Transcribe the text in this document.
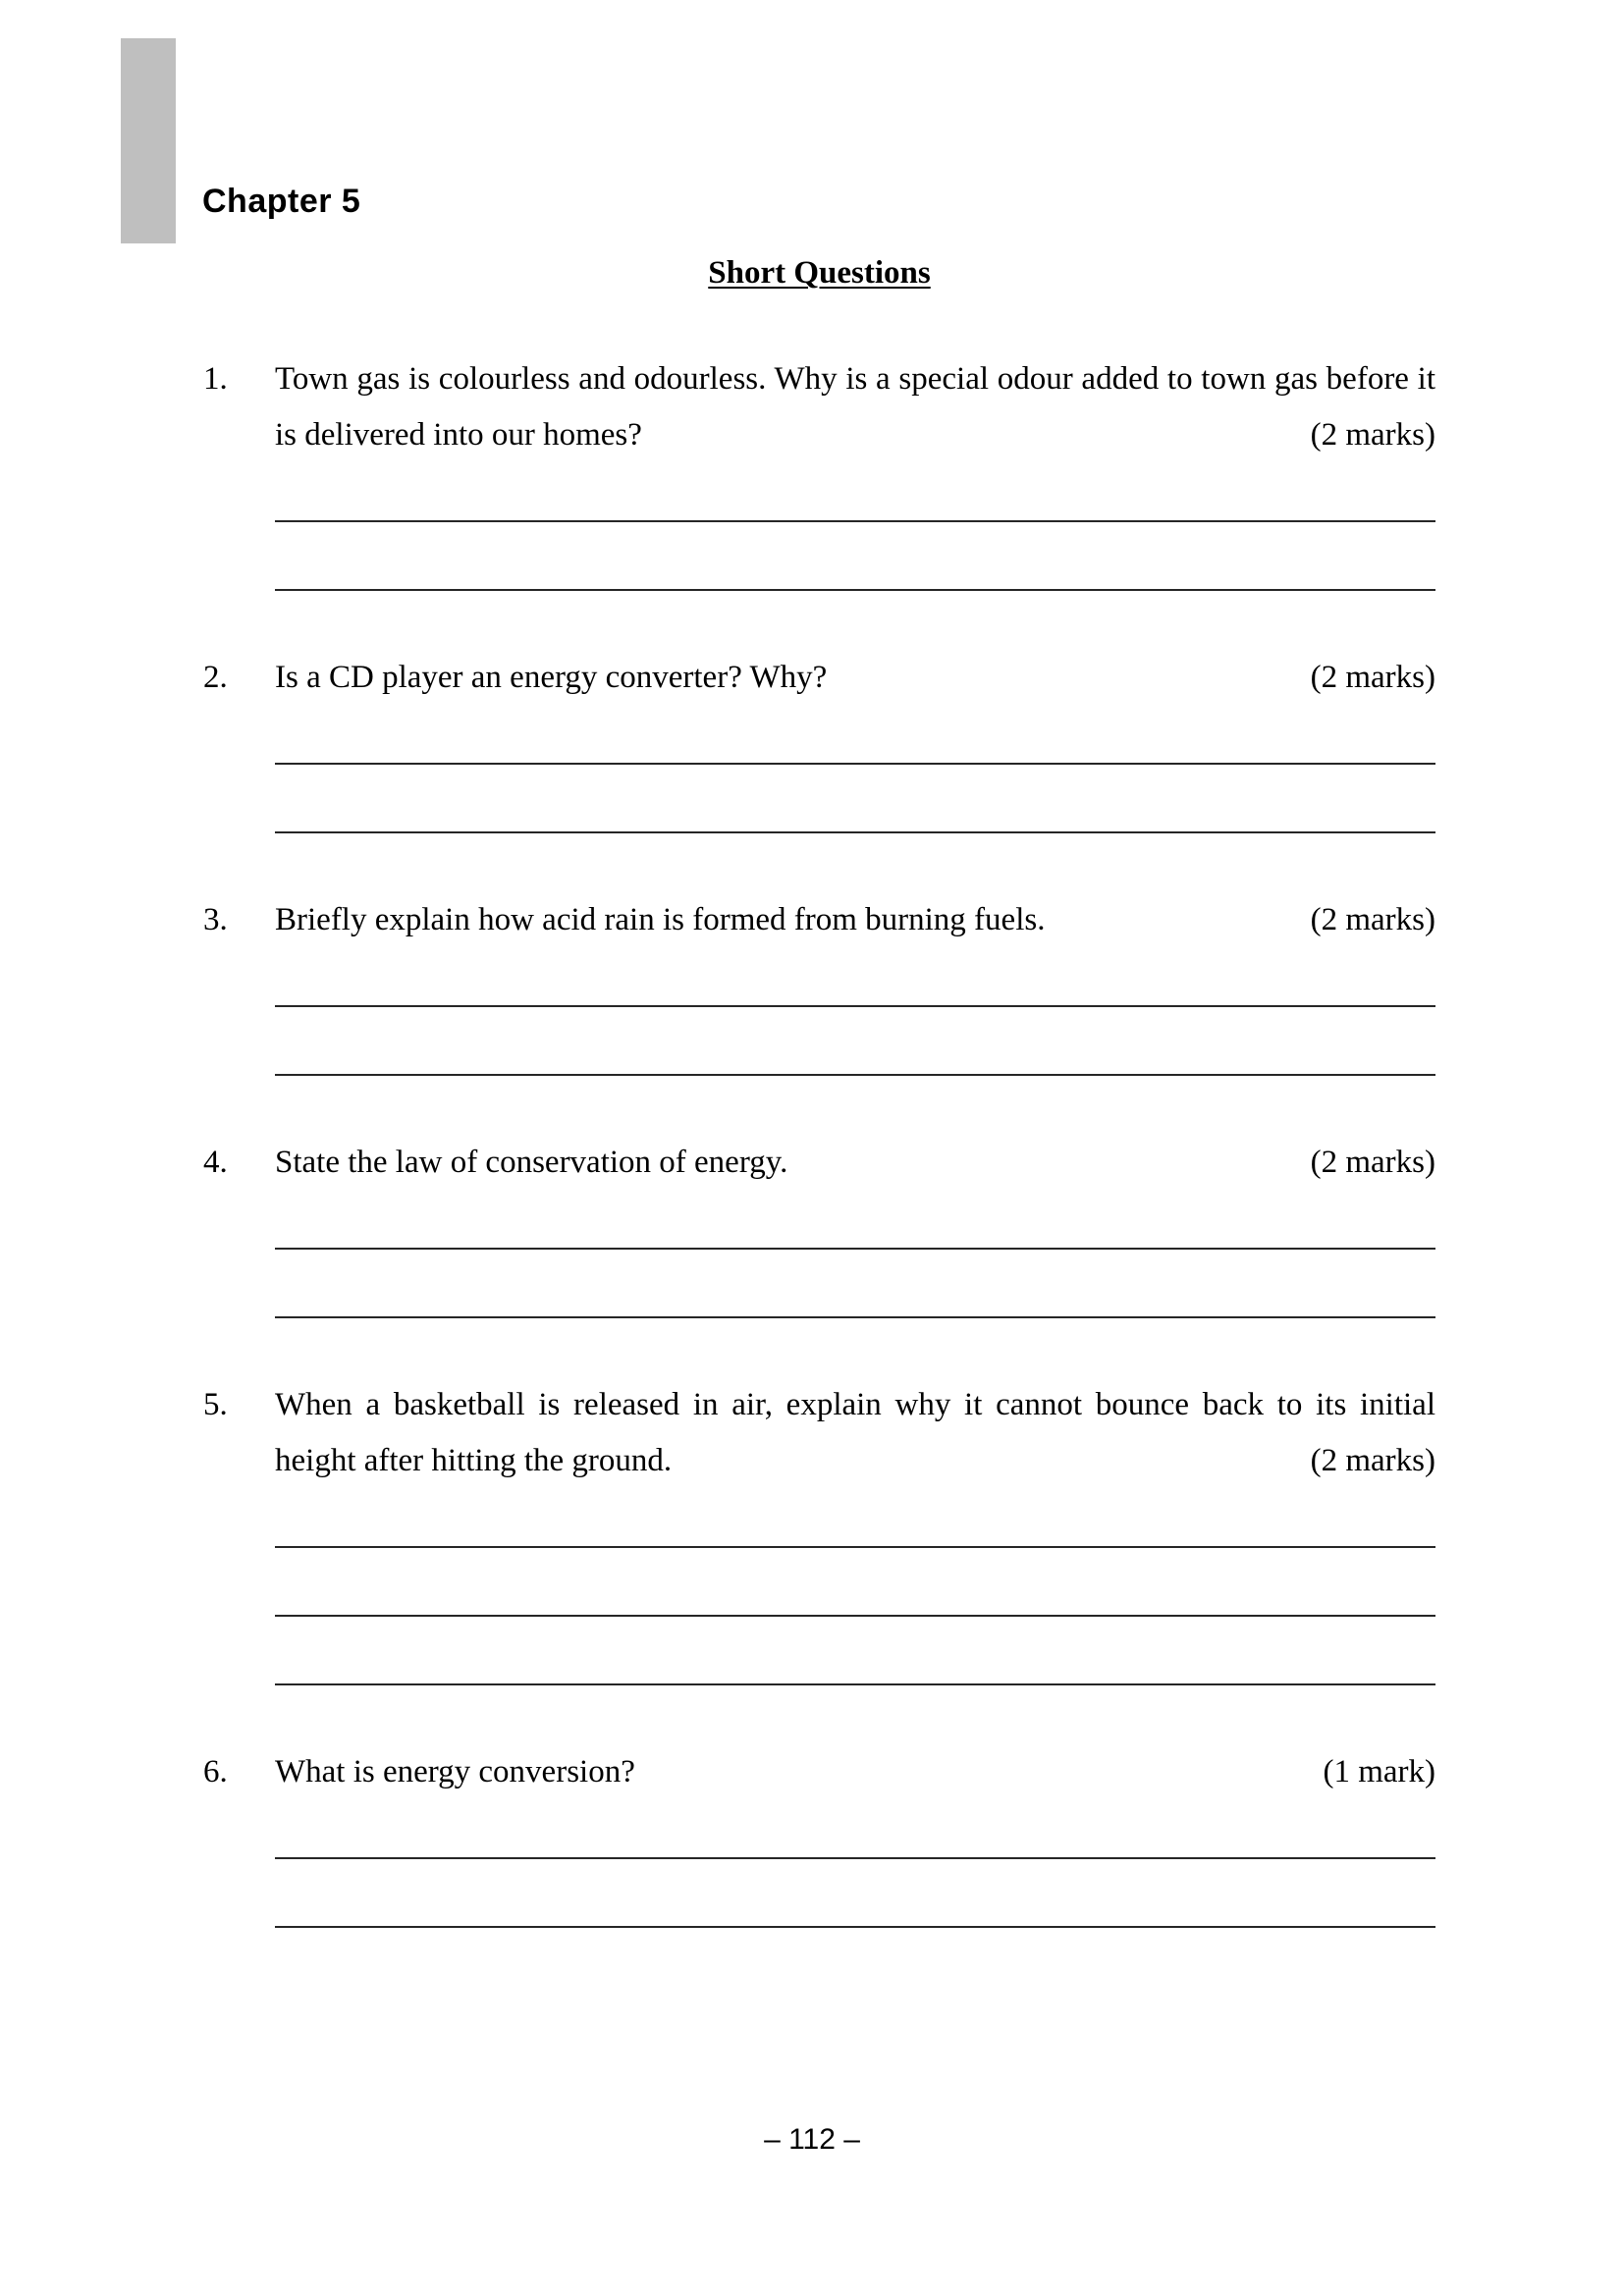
Chapter 5
Short Questions
1.	Town gas is colourless and odourless. Why is a special odour added to town gas before it is delivered into our homes?	(2 marks)
2.	Is a CD player an energy converter? Why?	(2 marks)
3.	Briefly explain how acid rain is formed from burning fuels.	(2 marks)
4.	State the law of conservation of energy.	(2 marks)
5.	When a basketball is released in air, explain why it cannot bounce back to its initial height after hitting the ground.	(2 marks)
6.	What is energy conversion?	(1 mark)
– 112 –
